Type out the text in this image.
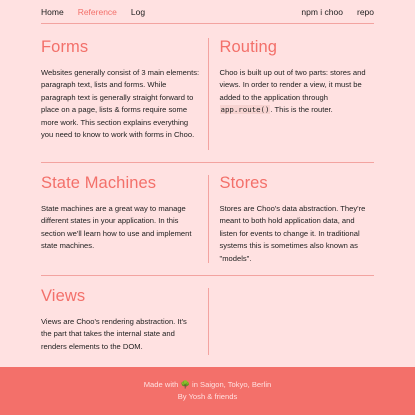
Home Reference Log	npm i choo repo
Forms

Websites generally consist of 3 main elements: paragraph text, lists and forms. While paragraph text is generally straight forward to place on a page, lists & forms require some more work. This section explains everything you need to know to work with forms in Choo.

Routing

Choo is built up out of two parts: stores and views. In order to render a view, it must be added to the application through app.route(). This is the router.

State Machines

State machines are a great way to manage different states in your application. In this section we'll learn how to use and implement state machines.

Stores

Stores are Choo's data abstraction. They're meant to both hold application data, and listen for events to change it. In traditional systems this is sometimes also known as "models".

Views

Views are Choo's rendering abstraction. It's the part that takes the internal state and renders elements to the DOM.

Made with 🌳 in Saigon, Tokyo, Berlin
By Yosh & friends
